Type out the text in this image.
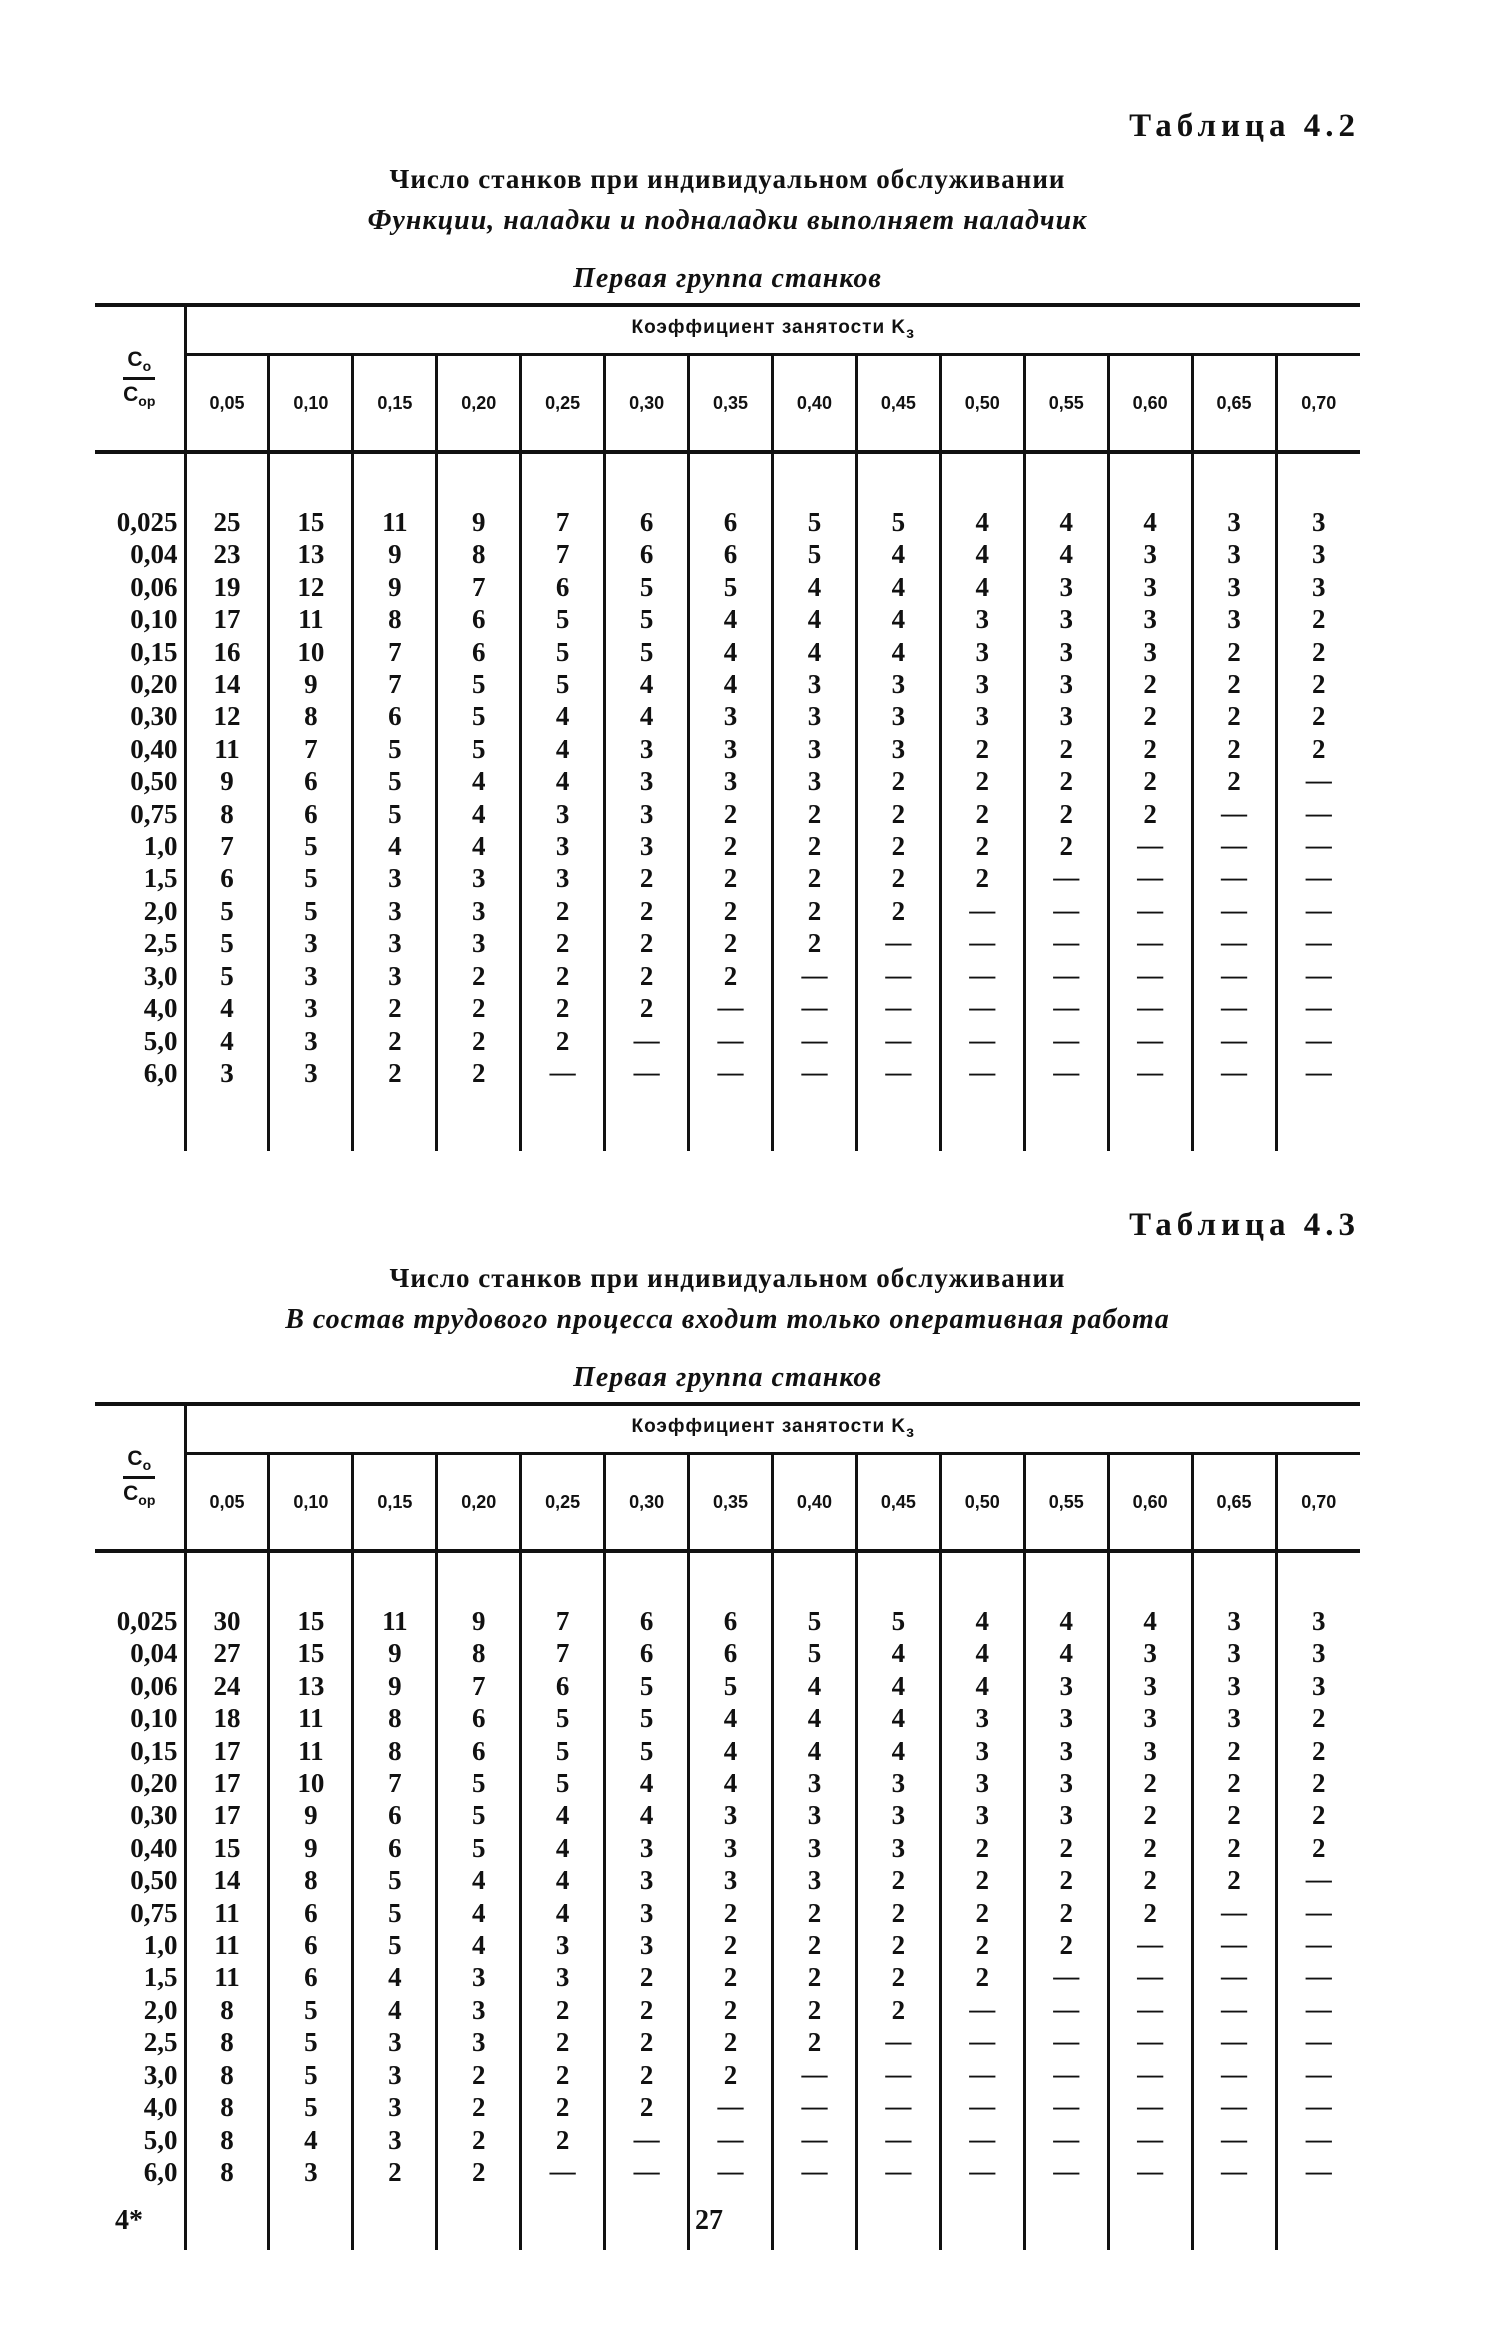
Таблица 4.2
Число станков при индивидуальном обслуживании
Функции, наладки и подналадки выполняет наладчик
Первая группа станков
$\frac{C_о}{C_{ор}}$	Коэффициент занятости $K_з$
	0,05	0,10	0,15	0,20	0,25	0,30	0,35	0,40	0,45	0,50	0,55	0,60	0,65	0,70

0,025	25	15	11	9	7	6	6	5	5	4	4	4	3	3
0,04	23	13	9	8	7	6	6	5	4	4	4	3	3	3
0,06	19	12	9	7	6	5	5	4	4	4	3	3	3	3
0,10	17	11	8	6	5	5	4	4	4	3	3	3	3	2
0,15	16	10	7	6	5	5	4	4	4	3	3	3	2	2
0,20	14	9	7	5	5	4	4	3	3	3	3	2	2	2
0,30	12	8	6	5	4	4	3	3	3	3	3	2	2	2
0,40	11	7	5	5	4	3	3	3	3	2	2	2	2	2
0,50	9	6	5	4	4	3	3	3	2	2	2	2	2	—
0,75	8	6	5	4	3	3	2	2	2	2	2	2	—	—
1,0	7	5	4	4	3	3	2	2	2	2	2	—	—	—
1,5	6	5	3	3	3	2	2	2	2	2	—	—	—	—
2,0	5	5	3	3	2	2	2	2	2	—	—	—	—	—
2,5	5	3	3	3	2	2	2	2	—	—	—	—	—	—
3,0	5	3	3	2	2	2	2	—	—	—	—	—	—	—
4,0	4	3	2	2	2	2	—	—	—	—	—	—	—	—
5,0	4	3	2	2	2	—	—	—	—	—	—	—	—	—
6,0	3	3	2	2	—	—	—	—	—	—	—	—	—	—

Таблица 4.3
Число станков при индивидуальном обслуживании
В состав трудового процесса входит только оперативная работа
Первая группа станков
$\frac{C_о}{C_{ор}}$	Коэффициент занятости $K_з$
	0,05	0,10	0,15	0,20	0,25	0,30	0,35	0,40	0,45	0,50	0,55	0,60	0,65	0,70

0,025	30	15	11	9	7	6	6	5	5	4	4	4	3	3
0,04	27	15	9	8	7	6	6	5	4	4	4	3	3	3
0,06	24	13	9	7	6	5	5	4	4	4	3	3	3	3
0,10	18	11	8	6	5	5	4	4	4	3	3	3	3	2
0,15	17	11	8	6	5	5	4	4	4	3	3	3	2	2
0,20	17	10	7	5	5	4	4	3	3	3	3	2	2	2
0,30	17	9	6	5	4	4	3	3	3	3	3	2	2	2
0,40	15	9	6	5	4	3	3	3	3	2	2	2	2	2
0,50	14	8	5	4	4	3	3	3	2	2	2	2	2	—
0,75	11	6	5	4	4	3	2	2	2	2	2	2	—	—
1,0	11	6	5	4	3	3	2	2	2	2	2	—	—	—
1,5	11	6	4	3	3	2	2	2	2	2	—	—	—	—
2,0	8	5	4	3	2	2	2	2	2	—	—	—	—	—
2,5	8	5	3	3	2	2	2	2	—	—	—	—	—	—
3,0	8	5	3	2	2	2	2	—	—	—	—	—	—	—
4,0	8	5	3	2	2	2	—	—	—	—	—	—	—	—
5,0	8	4	3	2	2	—	—	—	—	—	—	—	—	—
6,0	8	3	2	2	—	—	—	—	—	—	—	—	—	—

4*	27
